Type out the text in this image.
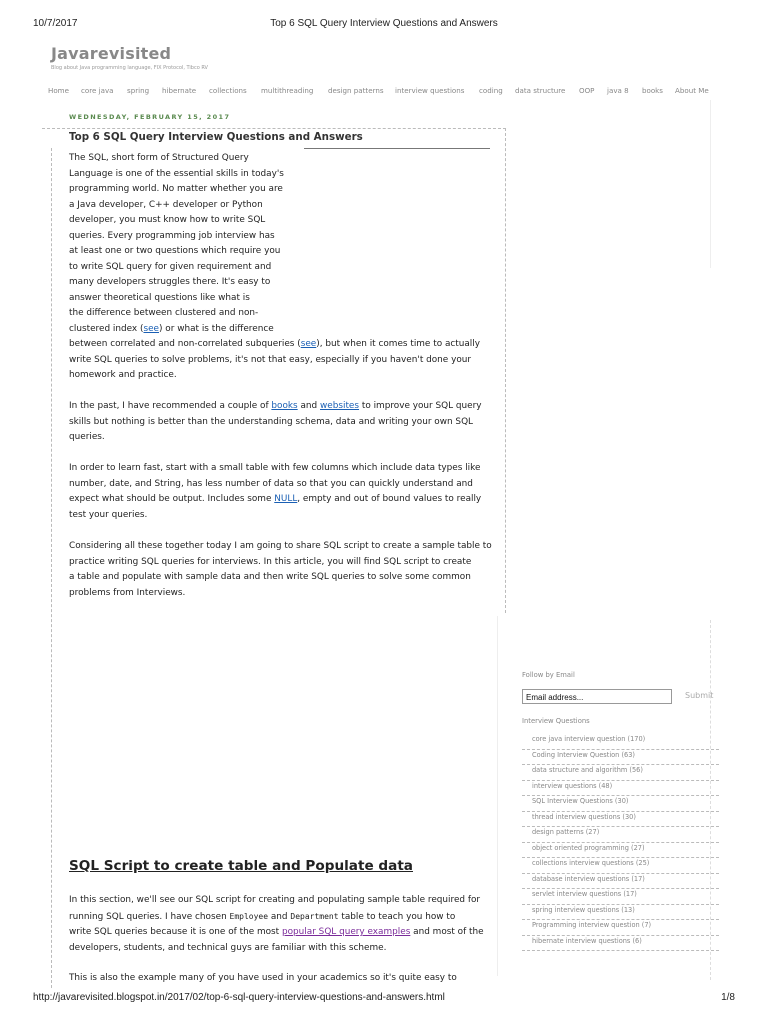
10/7/2017	Top 6 SQL Query Interview Questions and Answers
Javarevisited
Blog about Java programming language, FIX Protocol, Tibco RV
Home core java spring hibernate collections multithreading design patterns interview questions coding data structure OOP java 8 books About Me
WEDNESDAY, FEBRUARY 15, 2017
Top 6 SQL Query Interview Questions and Answers
The SQL, short form of Structured Query
Language is one of the essential skills in today's
programming world. No matter whether you are
a Java developer, C++ developer or Python
developer, you must know how to write SQL
queries. Every programming job interview has
at least one or two questions which require you
to write SQL query for given requirement and
many developers struggles there. It's easy to
answer theoretical questions like what is
the difference between clustered and non-
clustered index (see) or what is the difference
between correlated and non-correlated subqueries (see), but when it comes time to actually
write SQL queries to solve problems, it's not that easy, especially if you haven't done your
homework and practice.
In the past, I have recommended a couple of books and websites to improve your SQL query
skills but nothing is better than the understanding schema, data and writing your own SQL
queries.
In order to learn fast, start with a small table with few columns which include data types like
number, date, and String, has less number of data so that you can quickly understand and
expect what should be output. Includes some NULL, empty and out of bound values to really
test your queries.
Considering all these together today I am going to share SQL script to create a sample table to
practice writing SQL queries for interviews. In this article, you will find SQL script to create
a table and populate with sample data and then write SQL queries to solve some common
problems from Interviews.
SQL Script to create table and Populate data
In this section, we'll see our SQL script for creating and populating sample table required for
running SQL queries. I have chosen Employee and Department table to teach you how to
write SQL queries because it is one of the most popular SQL query examples and most of the
developers, students, and technical guys are familiar with this scheme.
This is also the example many of you have used in your academics so it's quite easy to
Follow by Email
Email address...
Submit
Interview Questions
core java interview question (170)
Coding Interview Question (63)
data structure and algorithm (56)
interview questions (48)
SQL Interview Questions (30)
thread interview questions (30)
design patterns (27)
object oriented programming (27)
collections interview questions (25)
database interview questions (17)
servlet interview questions (17)
spring interview questions (13)
Programming interview question (7)
hibernate interview questions (6)
http://javarevisited.blogspot.in/2017/02/top-6-sql-query-interview-questions-and-answers.html	1/8
